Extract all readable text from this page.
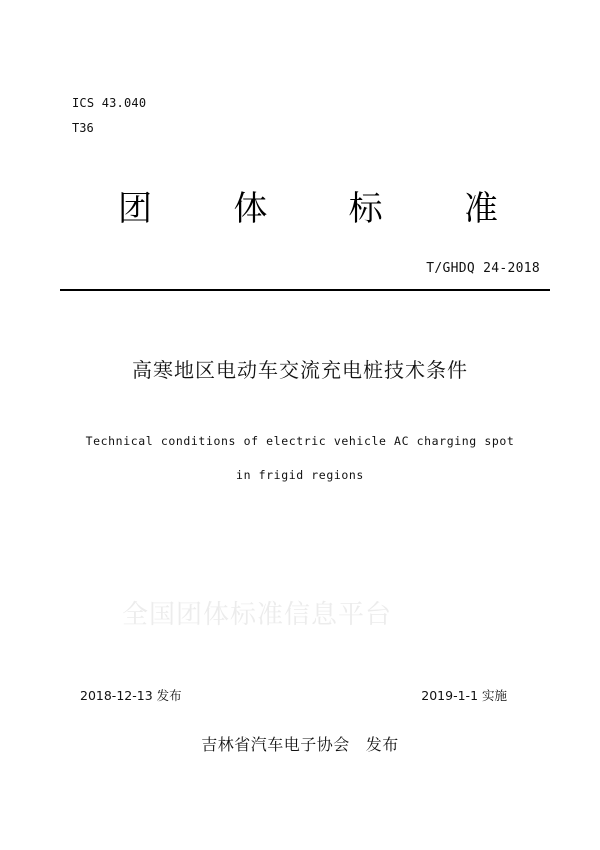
ICS 43.040
T36
团 体 标 准
T/GHDQ 24-2018
高寒地区电动车交流充电桩技术条件
Technical conditions of electric vehicle AC charging spot
in frigid regions
全国团体标准信息平台
2018-12-13 发布	2019-1-1 实施
吉林省汽车电子协会 发布
